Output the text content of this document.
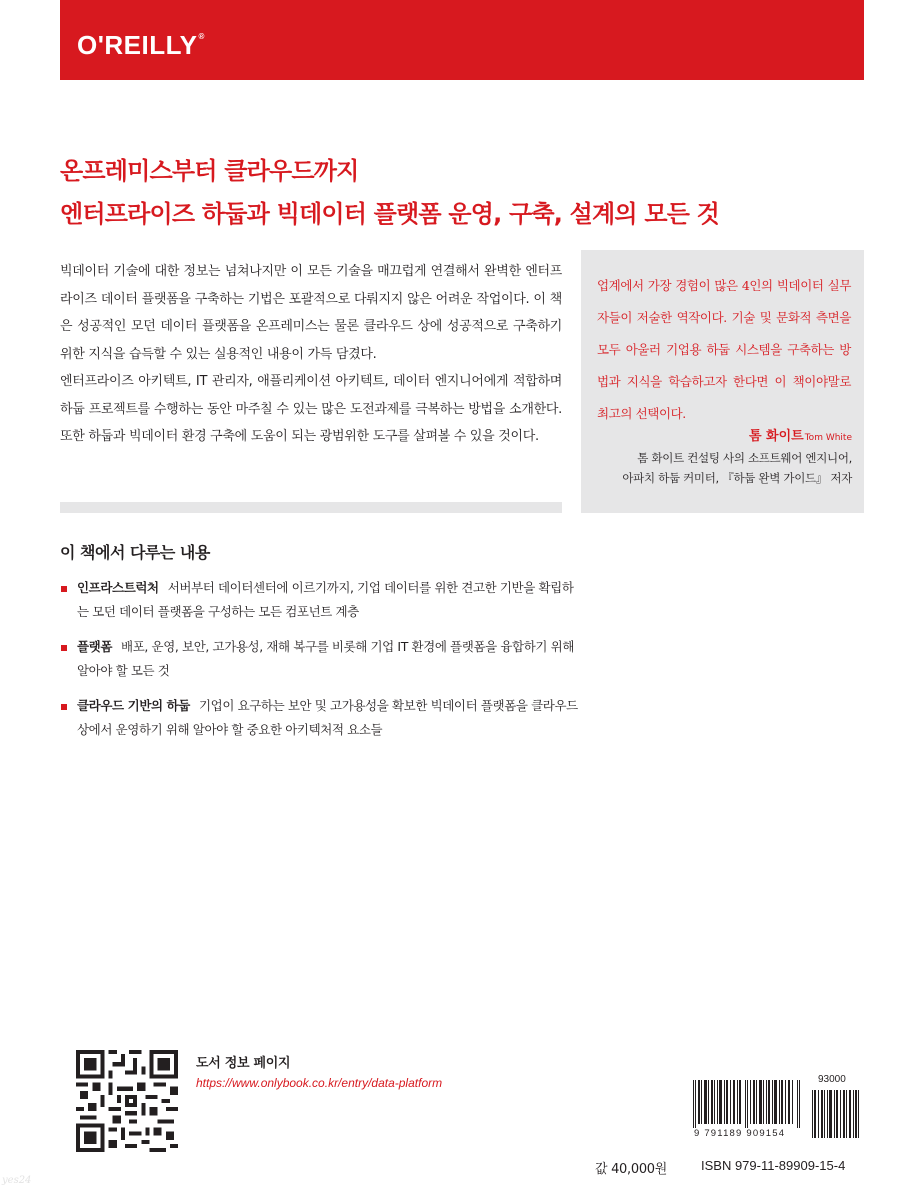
O'REILLY®
온프레미스부터 클라우드까지
엔터프라이즈 하둡과 빅데이터 플랫폼 운영, 구축, 설계의 모든 것

빅데이터 기술에 대한 정보는 넘쳐나지만 이 모든 기술을 매끄럽게 연결해서 완벽한 엔터프라이즈 데이터 플랫폼을 구축하는 기법은 포괄적으로 다뤄지지 않은 어려운 작업이다. 이 책은 성공적인 모던 데이터 플랫폼을 온프레미스는 물론 클라우드 상에 성공적으로 구축하기 위한 지식을 습득할 수 있는 실용적인 내용이 가득 담겼다.

엔터프라이즈 아키텍트, IT 관리자, 애플리케이션 아키텍트, 데이터 엔지니어에게 적합하며 하둡 프로젝트를 수행하는 동안 마주칠 수 있는 많은 도전과제를 극복하는 방법을 소개한다. 또한 하둡과 빅데이터 환경 구축에 도움이 되는 광범위한 도구를 살펴볼 수 있을 것이다.

업계에서 가장 경험이 많은 4인의 빅데이터 실무자들이 저술한 역작이다. 기술 및 문화적 측면을 모두 아울러 기업용 하둡 시스템을 구축하는 방법과 지식을 학습하고자 한다면 이 책이야말로 최고의 선택이다.
톰 화이트Tom White
톰 화이트 컨설팅 사의 소프트웨어 엔지니어,
아파치 하둡 커미터, 『하둡 완벽 가이드』 저자
이 책에서 다루는 내용
인프라스트럭처 서버부터 데이터센터에 이르기까지, 기업 데이터를 위한 견고한 기반을 확립하는 모던 데이터 플랫폼을 구성하는 모든 컴포넌트 계층
플랫폼 배포, 운영, 보안, 고가용성, 재해 복구를 비롯해 기업 IT 환경에 플랫폼을 융합하기 위해 알아야 할 모든 것
클라우드 기반의 하둡 기업이 요구하는 보안 및 고가용성을 확보한 빅데이터 플랫폼을 클라우드 상에서 운영하기 위해 알아야 할 중요한 아키텍처적 요소들
도서 정보 페이지
https://www.onlybook.co.kr/entry/data-platform	93000
9 791189 909154
값 40,000원	ISBN 979-11-89909-15-4
yes24
